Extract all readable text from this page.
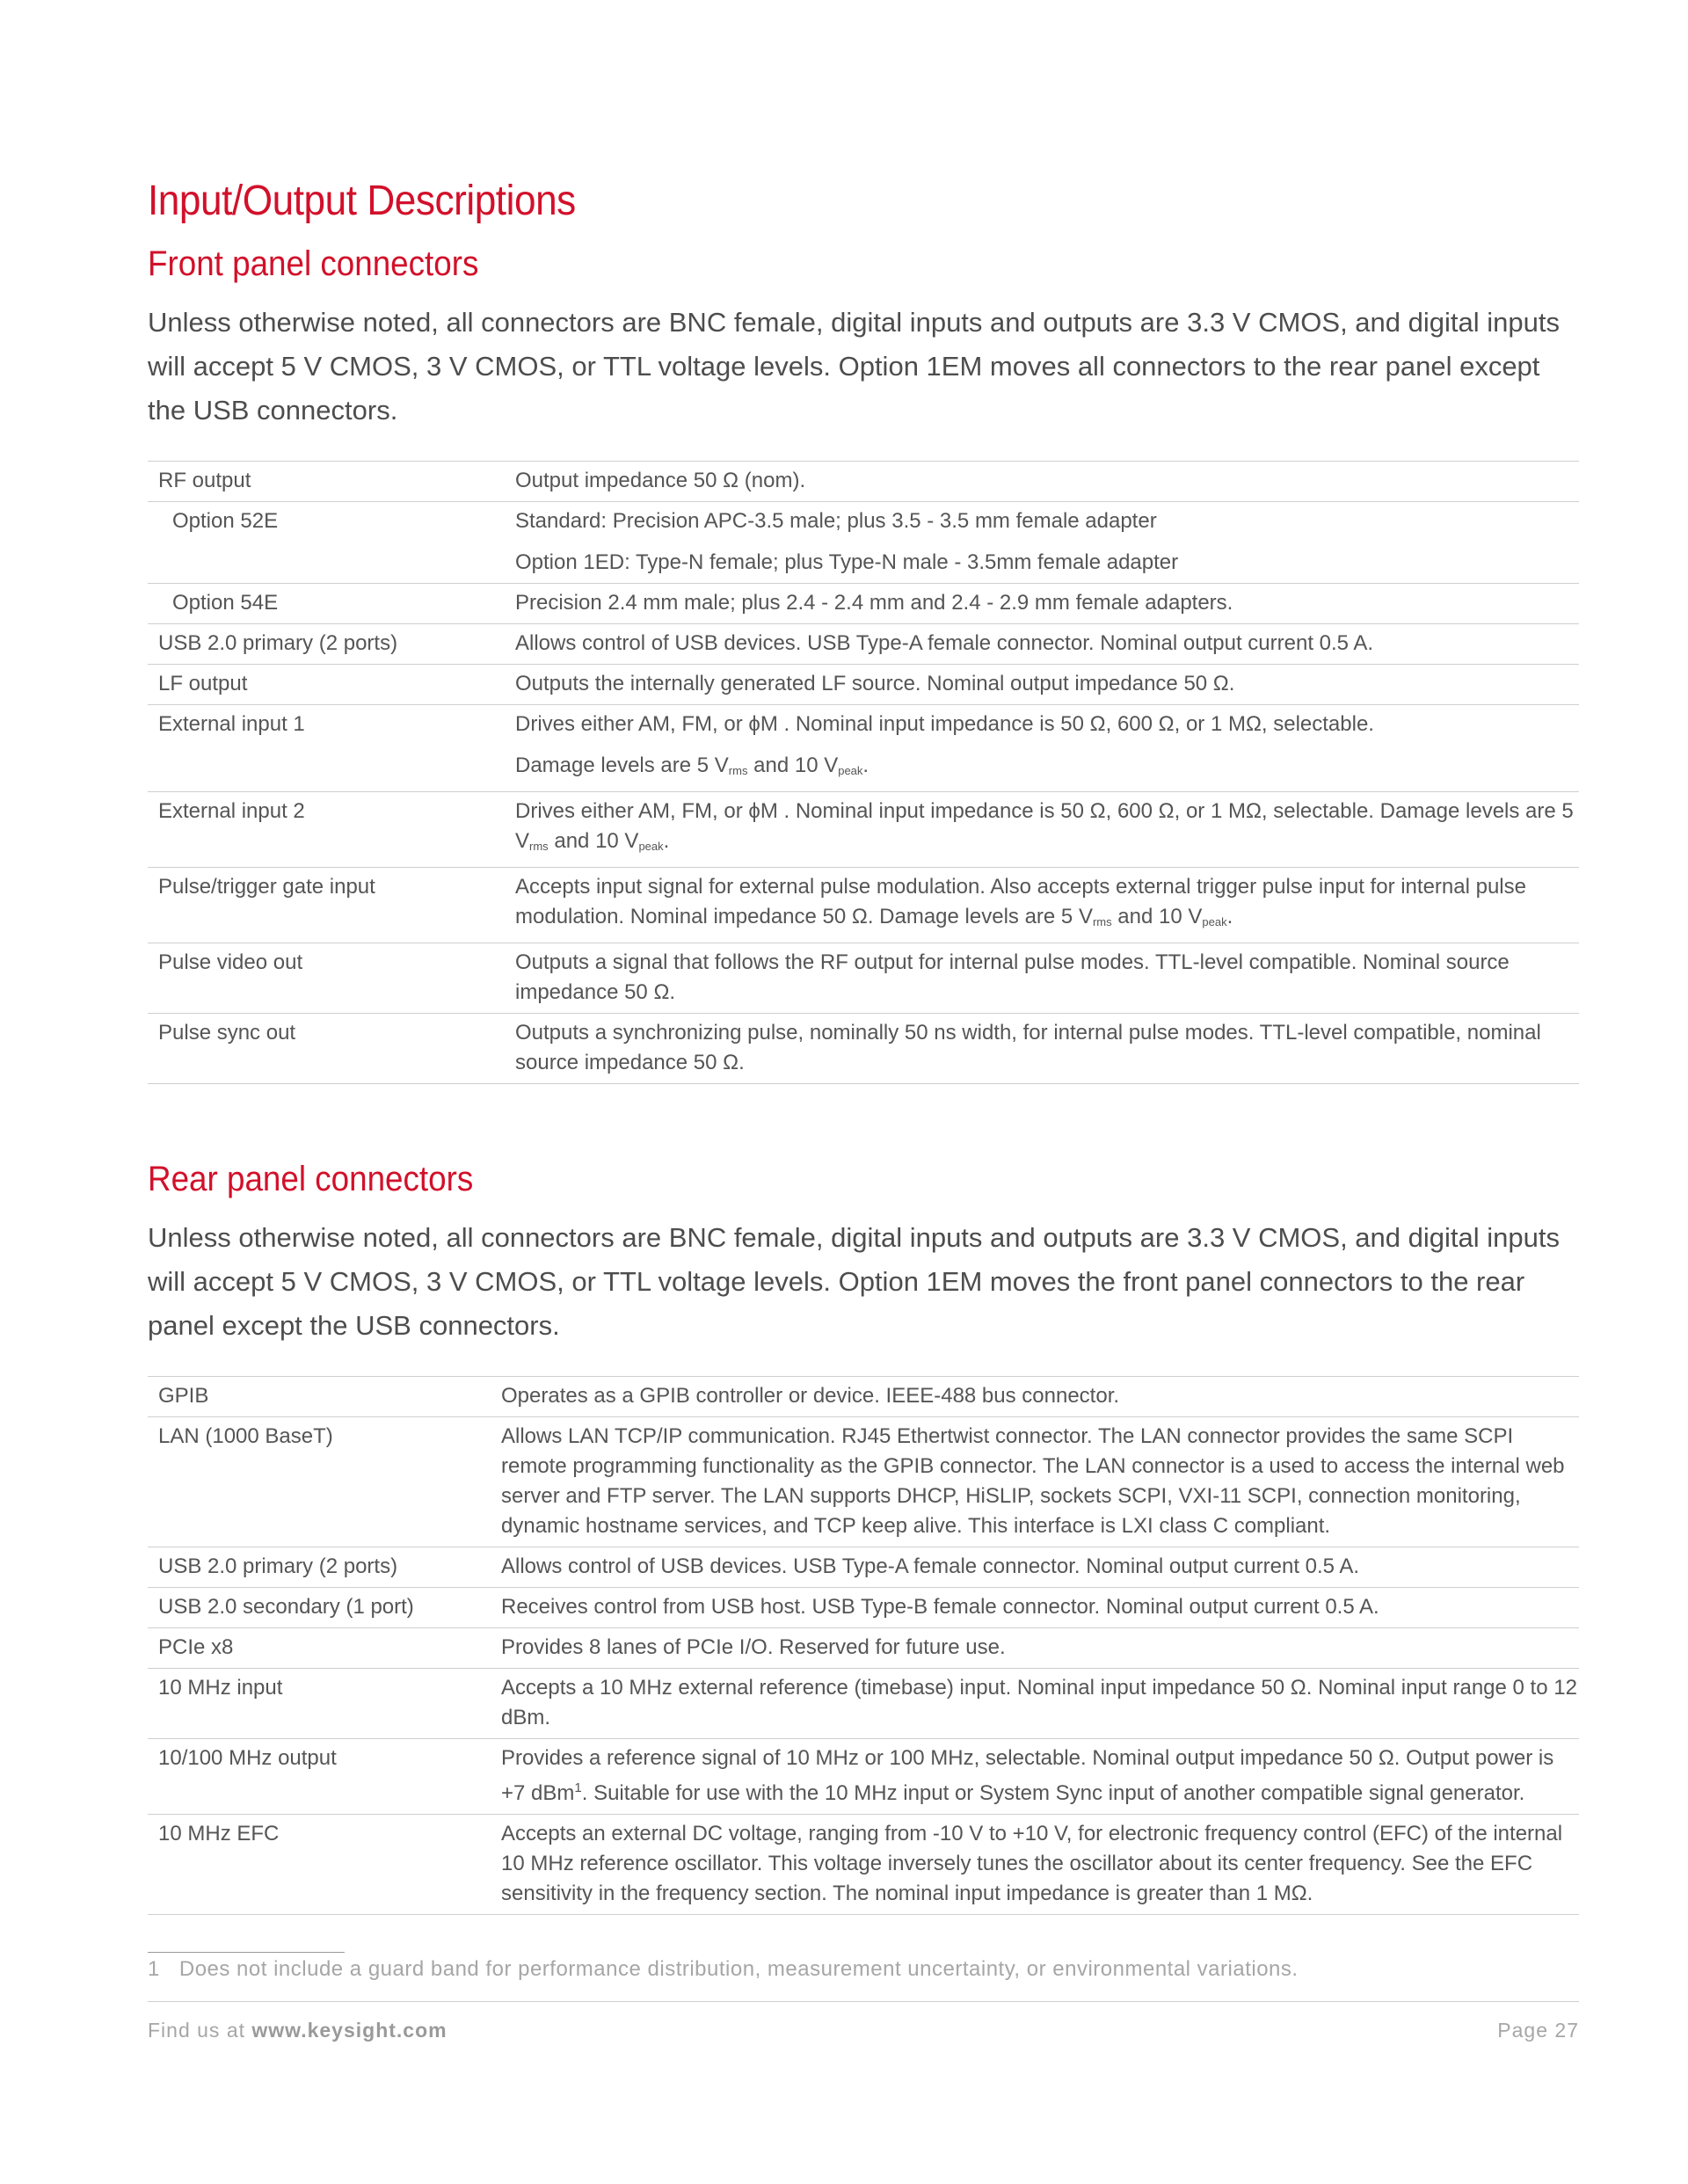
Input/Output Descriptions
Front panel connectors

Unless otherwise noted, all connectors are BNC female, digital inputs and outputs are 3.3 V CMOS, and digital inputs will accept 5 V CMOS, 3 V CMOS, or TTL voltage levels. Option 1EM moves all connectors to the rear panel except the USB connectors.

RF output	Output impedance 50 Ω (nom).
Option 52E	Standard: Precision APC-3.5 male; plus 3.5 - 3.5 mm female adapter
	Option 1ED: Type-N female; plus Type-N male - 3.5mm female adapter
Option 54E	Precision 2.4 mm male; plus 2.4 - 2.4 mm and 2.4 - 2.9 mm female adapters.
USB 2.0 primary (2 ports)	Allows control of USB devices. USB Type-A female connector. Nominal output current 0.5 A.
LF output	Outputs the internally generated LF source. Nominal output impedance 50 Ω.
External input 1	Drives either AM, FM, or ϕM . Nominal input impedance is 50 Ω, 600 Ω, or 1 MΩ, selectable.
	Damage levels are 5 $V_{rms}$ and 10 $V_{peak}$.
External input 2	Drives either AM, FM, or ϕM . Nominal input impedance is 50 Ω, 600 Ω, or 1 MΩ, selectable. Damage levels are 5 $V_{rms}$ and 10 $V_{peak}$.
Pulse/trigger gate input	Accepts input signal for external pulse modulation. Also accepts external trigger pulse input for internal pulse modulation. Nominal impedance 50 Ω. Damage levels are 5 $V_{rms}$ and 10 $V_{peak}$.
Pulse video out	Outputs a signal that follows the RF output for internal pulse modes. TTL-level compatible. Nominal source impedance 50 Ω.
Pulse sync out	Outputs a synchronizing pulse, nominally 50 ns width, for internal pulse modes. TTL-level compatible, nominal source impedance 50 Ω.
Rear panel connectors

Unless otherwise noted, all connectors are BNC female, digital inputs and outputs are 3.3 V CMOS, and digital inputs will accept 5 V CMOS, 3 V CMOS, or TTL voltage levels. Option 1EM moves the front panel connectors to the rear panel except the USB connectors.

GPIB	Operates as a GPIB controller or device. IEEE-488 bus connector.
LAN (1000 BaseT)	Allows LAN TCP/IP communication. RJ45 Ethertwist connector. The LAN connector provides the same SCPI remote programming functionality as the GPIB connector. The LAN connector is a used to access the internal web server and FTP server. The LAN supports DHCP, HiSLIP, sockets SCPI, VXI-11 SCPI, connection monitoring, dynamic hostname services, and TCP keep alive. This interface is LXI class C compliant.
USB 2.0 primary (2 ports)	Allows control of USB devices. USB Type-A female connector. Nominal output current 0.5 A.
USB 2.0 secondary (1 port)	Receives control from USB host. USB Type-B female connector. Nominal output current 0.5 A.
PCIe x8	Provides 8 lanes of PCIe I/O. Reserved for future use.
10 MHz input	Accepts a 10 MHz external reference (timebase) input. Nominal input impedance 50 Ω. Nominal input range 0 to 12 dBm.
10/100 MHz output	Provides a reference signal of 10 MHz or 100 MHz, selectable. Nominal output impedance 50 Ω. Output power is +7 dBm$^1$. Suitable for use with the 10 MHz input or System Sync input of another compatible signal generator.
10 MHz EFC	Accepts an external DC voltage, ranging from -10 V to +10 V, for electronic frequency control (EFC) of the internal 10 MHz reference oscillator. This voltage inversely tunes the oscillator about its center frequency. See the EFC sensitivity in the frequency section. The nominal input impedance is greater than 1 MΩ.
1 Does not include a guard band for performance distribution, measurement uncertainty, or environmental variations.
Find us at www.keysight.com	Page 27
